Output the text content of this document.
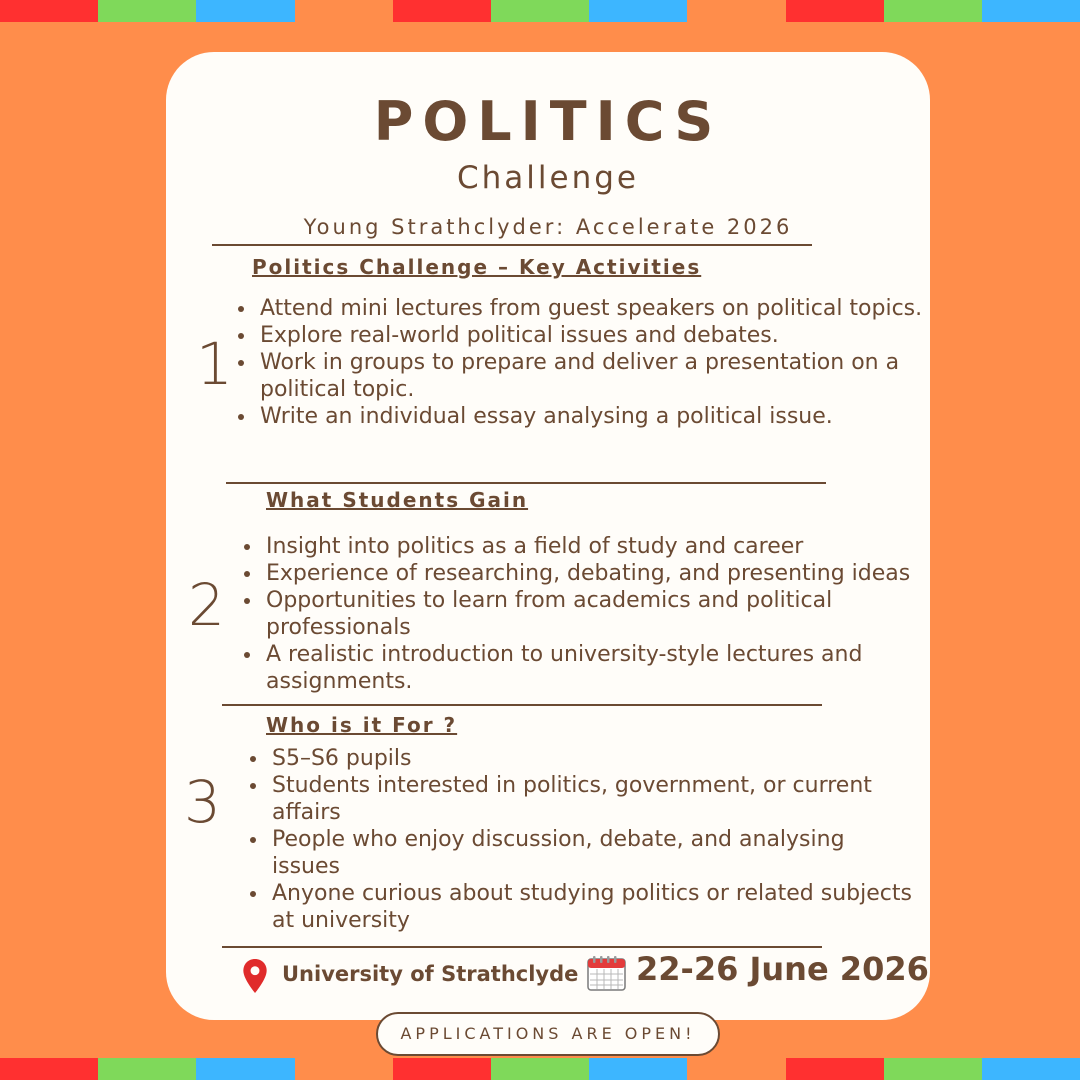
POLITICS
Challenge
Young Strathclyder: Accelerate 2026
Politics Challenge – Key Activities
1
Attend mini lectures from guest speakers on political topics.
Explore real-world political issues and debates.
Work in groups to prepare and deliver a presentation on a political topic.
Write an individual essay analysing a political issue.
What Students Gain
2
Insight into politics as a field of study and career
Experience of researching, debating, and presenting ideas
Opportunities to learn from academics and political professionals
A realistic introduction to university-style lectures and assignments.
Who is it For ?
3
S5–S6 pupils
Students interested in politics, government, or current affairs
People who enjoy discussion, debate, and analysing issues
Anyone curious about studying politics or related subjects at university
University of Strathclyde 22-26 June 2026
APPLICATIONS ARE OPEN!
